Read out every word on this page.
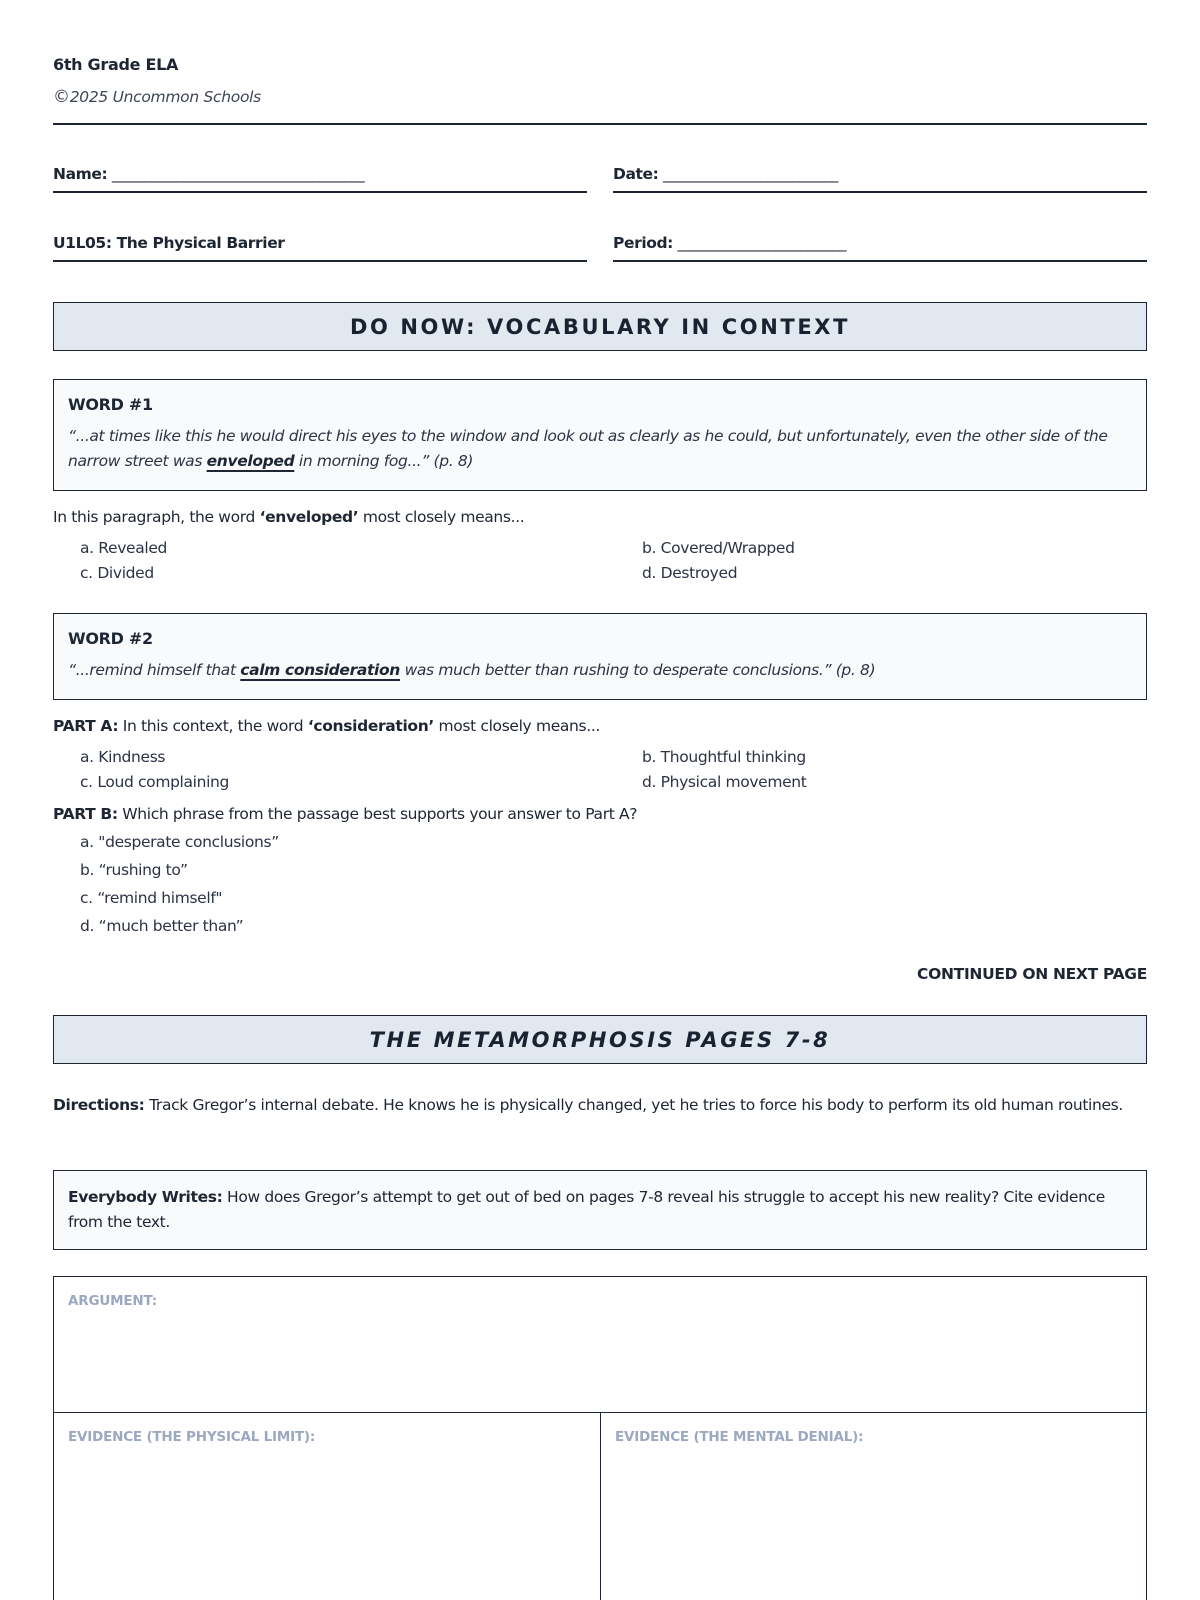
6th Grade ELA
©2025 Uncommon Schools
Name: _______________________________________	Date: ___________________________
U1L05: The Physical Barrier	Period: __________________________
DO NOW: VOCABULARY IN CONTEXT
WORD #1
“...at times like this he would direct his eyes to the window and look out as clearly as he could, but unfortunately, even the other side of the narrow street was enveloped in morning fog...” (p. 8)
In this paragraph, the word ‘enveloped’ most closely means...
a. Revealed	b. Covered/Wrapped
c. Divided	d. Destroyed
WORD #2
“...remind himself that calm consideration was much better than rushing to desperate conclusions.” (p. 8)
PART A: In this context, the word ‘consideration’ most closely means...
a. Kindness	b. Thoughtful thinking
c. Loud complaining	d. Physical movement
PART B: Which phrase from the passage best supports your answer to Part A?
a. "desperate conclusions”
b. “rushing to”
c. “remind himself"
d. “much better than”
CONTINUED ON NEXT PAGE
THE METAMORPHOSIS PAGES 7-8
Directions: Track Gregor’s internal debate. He knows he is physically changed, yet he tries to force his body to perform its old human routines.
Everybody Writes: How does Gregor’s attempt to get out of bed on pages 7-8 reveal his struggle to accept his new reality? Cite evidence from the text.
ARGUMENT:
EVIDENCE (THE PHYSICAL LIMIT):	EVIDENCE (THE MENTAL DENIAL):
